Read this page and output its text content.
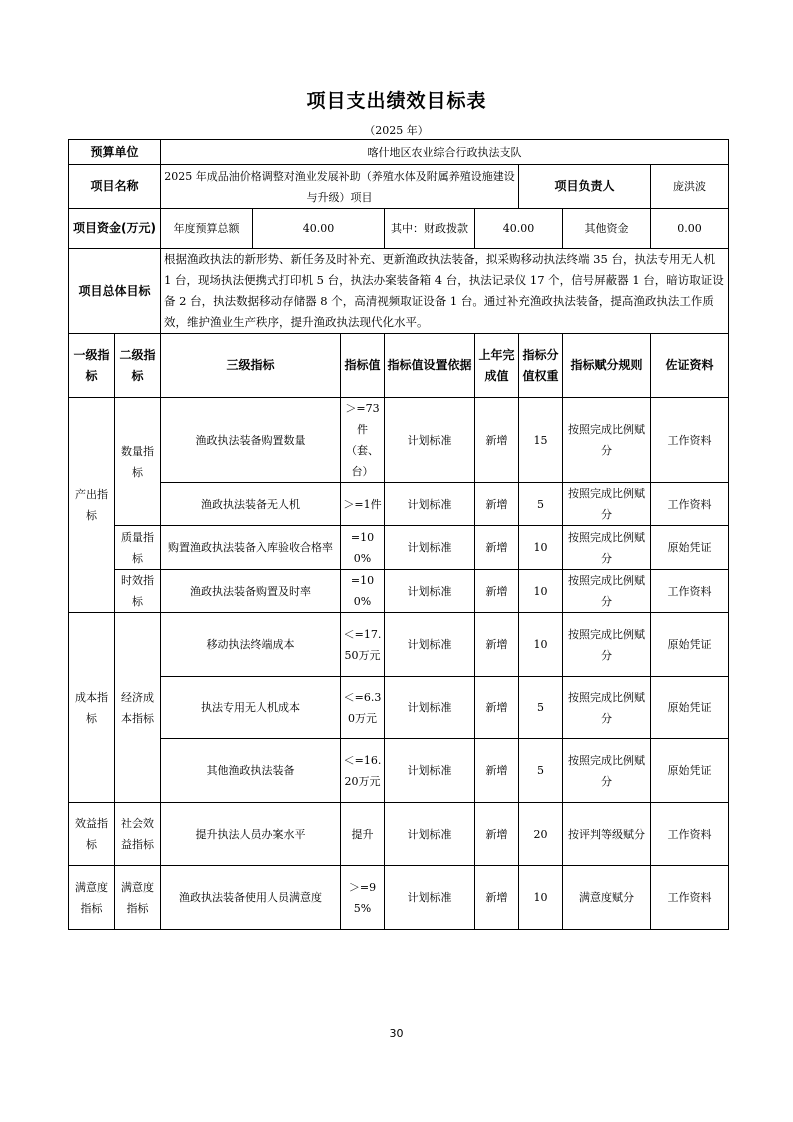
项目支出绩效目标表
（2025 年）
预算单位		喀什地区农业综合行政执法支队							
项目名称		2025 年成品油价格调整对渔业发展补助（养殖水体及附属养殖设施建设与升级）项目					项目负责人		庞洪波
项目资金(万元)		年度预算总额	40.00		其中：财政拨款	40.00		其他资金	0.00
项目总体目标		根据渔政执法的新形势、新任务及时补充、更新渔政执法装备，拟采购移动执法终端 35 台，执法专用无人机 1 台，现场执法便携式打印机 5 台，执法办案装备箱 4 台，执法记录仪 17 个，信号屏蔽器 1 台，暗访取证设备 2 台，执法数据移动存储器 8 个，高清视频取证设备 1 台。通过补充渔政执法装备，提高渔政执法工作质效，维护渔业生产秩序，提升渔政执法现代化水平。							
一级指标	二级指标	三级指标		指标值	指标值设置依据	上年完成值	指标分值权重	指标赋分规则	佐证资料
产出指标	数量指标	渔政执法装备购置数量		＞=73件（套、台）	计划标准	新增	15	按照完成比例赋分	工作资料
		渔政执法装备无人机		＞=1件	计划标准	新增	5	按照完成比例赋分	工作资料
	质量指标	购置渔政执法装备入库验收合格率		=100%	计划标准	新增	10	按照完成比例赋分	原始凭证
	时效指标	渔政执法装备购置及时率		=100%	计划标准	新增	10	按照完成比例赋分	工作资料
成本指标	经济成本指标	移动执法终端成本		＜=17.50万元	计划标准	新增	10	按照完成比例赋分	原始凭证
		执法专用无人机成本		＜=6.30万元	计划标准	新增	5	按照完成比例赋分	原始凭证
		其他渔政执法装备		＜=16.20万元	计划标准	新增	5	按照完成比例赋分	原始凭证
效益指标	社会效益指标	提升执法人员办案水平		提升	计划标准	新增	20	按评判等级赋分	工作资料
满意度指标	满意度指标	渔政执法装备使用人员满意度		＞=95%	计划标准	新增	10	满意度赋分	工作资料
30
